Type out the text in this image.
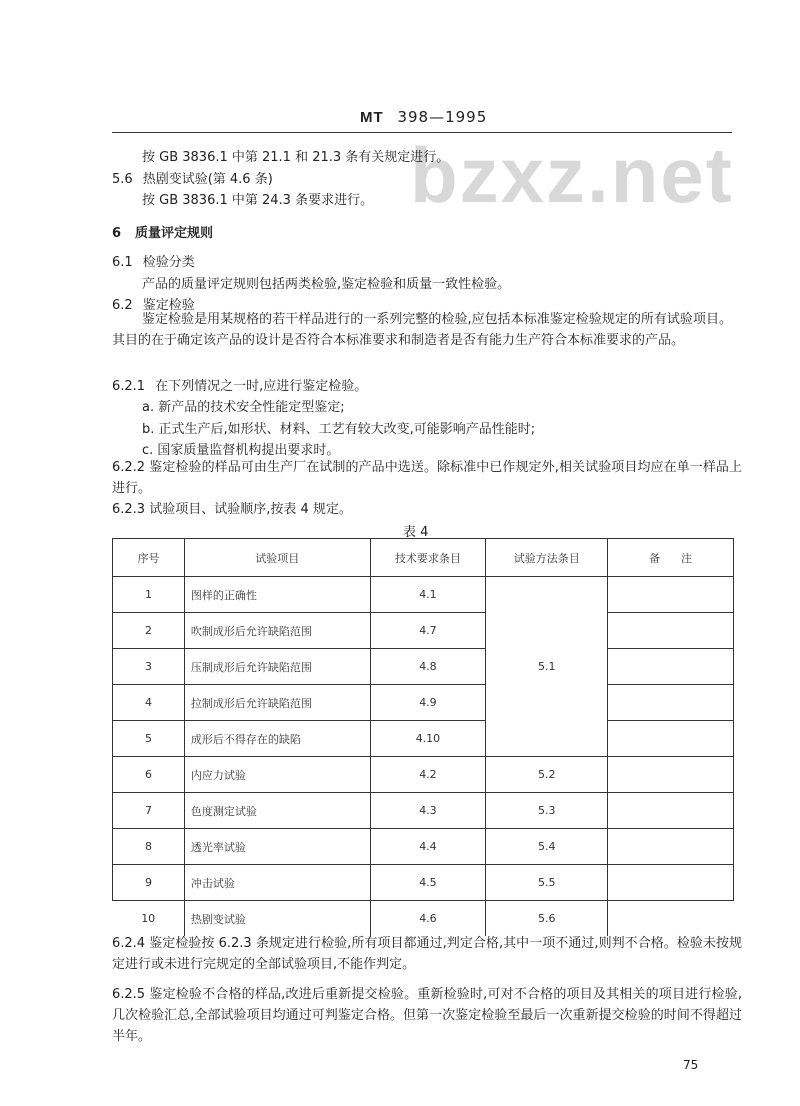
bzxz.net
MT 398—1995
按 GB 3836.1 中第 21.1 和 21.3 条有关规定进行。
5.6 热剧变试验(第 4.6 条)
按 GB 3836.1 中第 24.3 条要求进行。
6 质量评定规则
6.1 检验分类
产品的质量评定规则包括两类检验,鉴定检验和质量一致性检验。
6.2 鉴定检验
鉴定检验是用某规格的若干样品进行的一系列完整的检验,应包括本标准鉴定检验规定的所有试验项目。其目的在于确定该产品的设计是否符合本标准要求和制造者是否有能力生产符合本标准要求的产品。
6.2.1 在下列情况之一时,应进行鉴定检验。
a. 新产品的技术安全性能定型鉴定;
b. 正式生产后,如形状、材料、工艺有较大改变,可能影响产品性能时;
c. 国家质量监督机构提出要求时。
6.2.2 鉴定检验的样品可由生产厂在试制的产品中选送。除标准中已作规定外,相关试验项目均应在单一样品上进行。
6.2.3 试验项目、试验顺序,按表 4 规定。
表 4
序号	试验项目	技术要求条目	试验方法条目	备      注
1	图样的正确性	4.1	5.1	
2	吹制成形后允许缺陷范围	4.7		
3	压制成形后允许缺陷范围	4.8		
4	拉制成形后允许缺陷范围	4.9		
5	成形后不得存在的缺陷	4.10		
6	内应力试验	4.2	5.2	
7	色度测定试验	4.3	5.3	
8	透光率试验	4.4	5.4	
9	冲击试验	4.5	5.5	
10	热剧变试验	4.6	5.6	
6.2.4 鉴定检验按 6.2.3 条规定进行检验,所有项目都通过,判定合格,其中一项不通过,则判不合格。检验未按规定进行或未进行完规定的全部试验项目,不能作判定。
6.2.5 鉴定检验不合格的样品,改进后重新提交检验。重新检验时,可对不合格的项目及其相关的项目进行检验,几次检验汇总,全部试验项目均通过可判鉴定合格。但第一次鉴定检验至最后一次重新提交检验的时间不得超过半年。
75
